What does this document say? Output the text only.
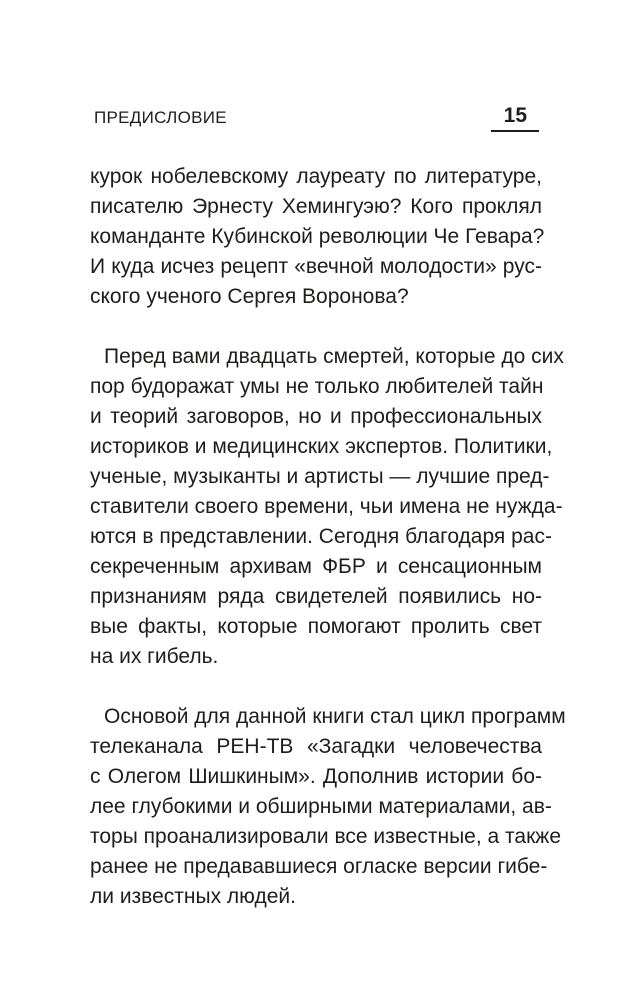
ПРЕДИСЛОВИЕ	15

курок нобелевскому лауреату по литературе,
писателю Эрнесту Хемингуэю? Кого проклял
команданте Кубинской революции Че Гевара?
И куда исчез рецепт «вечной молодости» рус-
ского ученого Сергея Воронова?

Перед вами двадцать смертей, которые до сих
пор будоражат умы не только любителей тайн
и теорий заговоров, но и профессиональных
историков и медицинских экспертов. Политики,
ученые, музыканты и артисты — лучшие пред-
ставители своего времени, чьи имена не нужда-
ются в представлении. Сегодня благодаря рас-
секреченным архивам ФБР и сенсационным
признаниям ряда свидетелей появились но-
вые факты, которые помогают пролить свет
на их гибель.

Основой для данной книги стал цикл программ
телеканала РЕН-ТВ «Загадки человечества
с Олегом Шишкиным». Дополнив истории бо-
лее глубокими и обширными материалами, ав-
торы проанализировали все известные, а также
ранее не предававшиеся огласке версии гибе-
ли известных людей.
